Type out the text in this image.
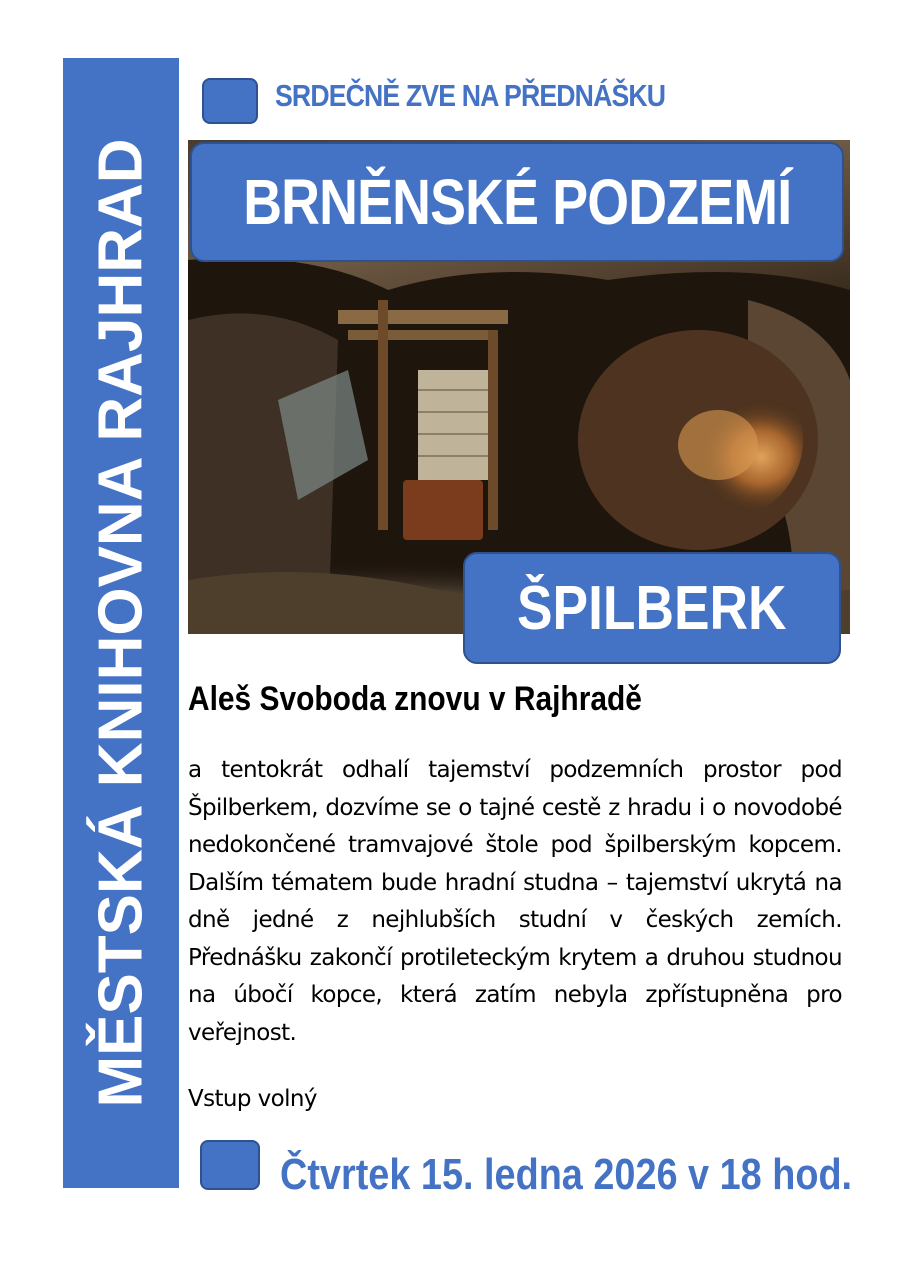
MĚSTSKÁ KNIHOVNA RAJHRAD
SRDEČNĚ ZVE NA PŘEDNÁŠKU
BRNĚNSKÉ PODZEMÍ
ŠPILBERK
Aleš Svoboda znovu v Rajhradě
a tentokrát odhalí tajemství podzemních prostor pod Špilberkem, dozvíme se o tajné cestě z hradu i o novodobé nedokončené tramvajové štole pod špilberským kopcem. Dalším tématem bude hradní studna – tajemství ukrytá na dně jedné z nejhlubších studní v českých zemích. Přednášku zakončí protileteckým krytem a druhou studnou na úbočí kopce, která zatím nebyla zpřístupněna pro veřejnost.
Vstup volný
Čtvrtek 15. ledna 2026 v 18 hod.
